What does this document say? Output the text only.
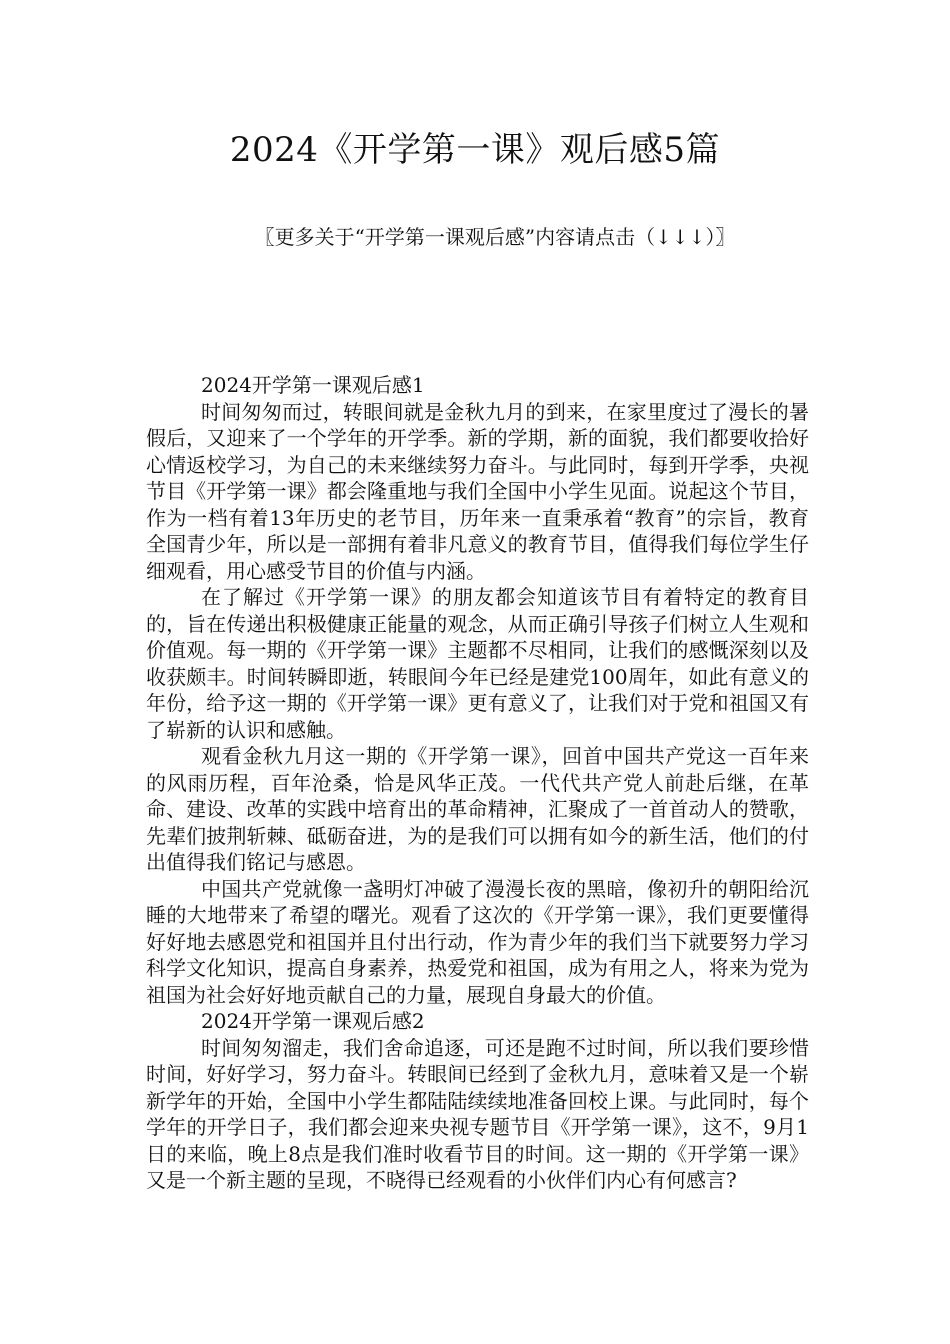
2024《开学第一课》观后感5篇
〖更多关于“开学第一课观后感”内容请点击（↓↓↓）〗

2024开学第一课观后感1

时间匆匆而过，转眼间就是金秋九月的到来，在家里度过了漫长的暑假后，又迎来了一个学年的开学季。新的学期，新的面貌，我们都要收拾好心情返校学习，为自己的未来继续努力奋斗。与此同时，每到开学季，央视节目《开学第一课》都会隆重地与我们全国中小学生见面。说起这个节目，作为一档有着13年历史的老节目，历年来一直秉承着“教育”的宗旨，教育全国青少年，所以是一部拥有着非凡意义的教育节目，值得我们每位学生仔细观看，用心感受节目的价值与内涵。

在了解过《开学第一课》的朋友都会知道该节目有着特定的教育目的，旨在传递出积极健康正能量的观念，从而正确引导孩子们树立人生观和价值观。每一期的《开学第一课》主题都不尽相同，让我们的感慨深刻以及收获颇丰。时间转瞬即逝，转眼间今年已经是建党100周年，如此有意义的年份，给予这一期的《开学第一课》更有意义了，让我们对于党和祖国又有了崭新的认识和感触。

观看金秋九月这一期的《开学第一课》，回首中国共产党这一百年来的风雨历程，百年沧桑，恰是风华正茂。一代代共产党人前赴后继，在革命、建设、改革的实践中培育出的革命精神，汇聚成了一首首动人的赞歌，先辈们披荆斩棘、砥砺奋进，为的是我们可以拥有如今的新生活，他们的付出值得我们铭记与感恩。

中国共产党就像一盏明灯冲破了漫漫长夜的黑暗，像初升的朝阳给沉睡的大地带来了希望的曙光。观看了这次的《开学第一课》，我们更要懂得好好地去感恩党和祖国并且付出行动，作为青少年的我们当下就要努力学习科学文化知识，提高自身素养，热爱党和祖国，成为有用之人，将来为党为祖国为社会好好地贡献自己的力量，展现自身最大的价值。

2024开学第一课观后感2

时间匆匆溜走，我们舍命追逐，可还是跑不过时间，所以我们要珍惜时间，好好学习，努力奋斗。转眼间已经到了金秋九月，意味着又是一个崭新学年的开始，全国中小学生都陆陆续续地准备回校上课。与此同时，每个学年的开学日子，我们都会迎来央视专题节目《开学第一课》，这不，9月1日的来临，晚上8点是我们准时收看节目的时间。这一期的《开学第一课》又是一个新主题的呈现，不晓得已经观看的小伙伴们内心有何感言?
